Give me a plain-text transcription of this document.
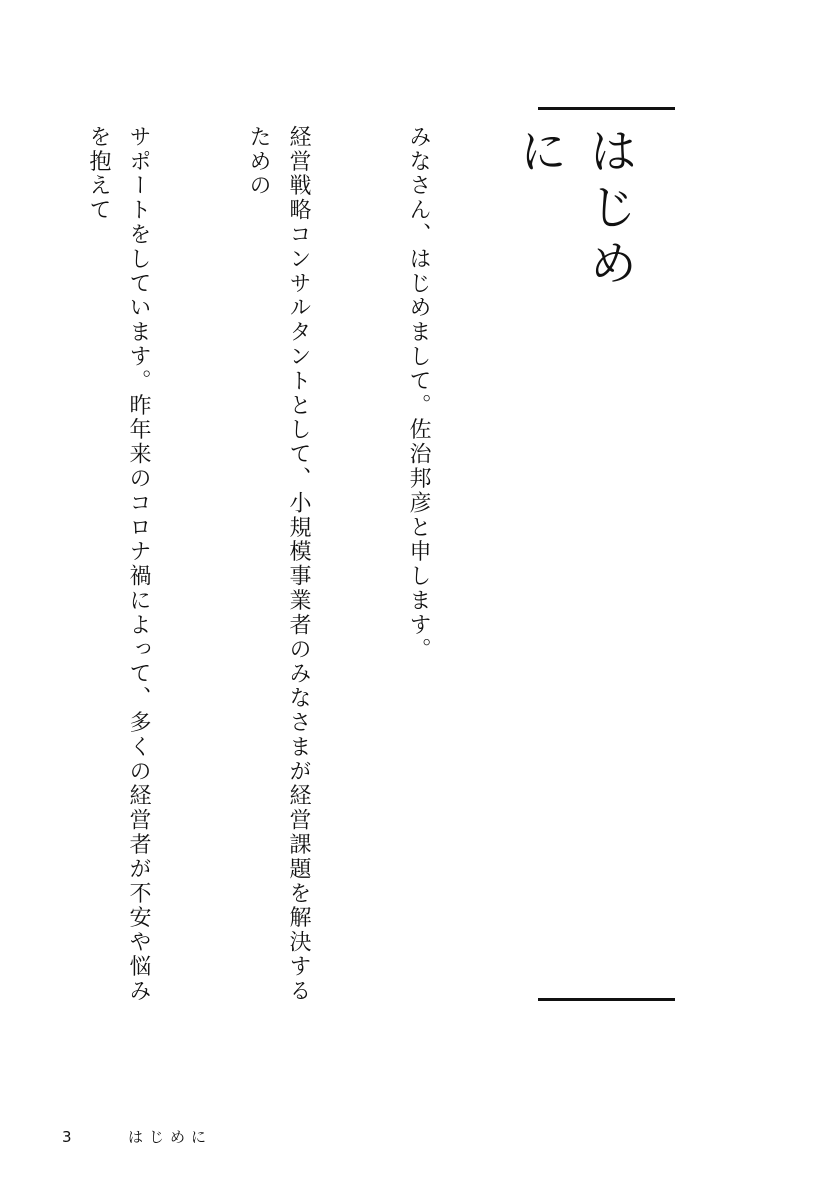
はじめに

みなさん、はじめまして。佐治邦彦と申します。

経営戦略コンサルタントとして、小規模事業者のみなさまが経営課題を解決するための

サポートをしています。昨年来のコロナ禍によって、多くの経営者が不安や悩みを抱えて

3	はじめに
